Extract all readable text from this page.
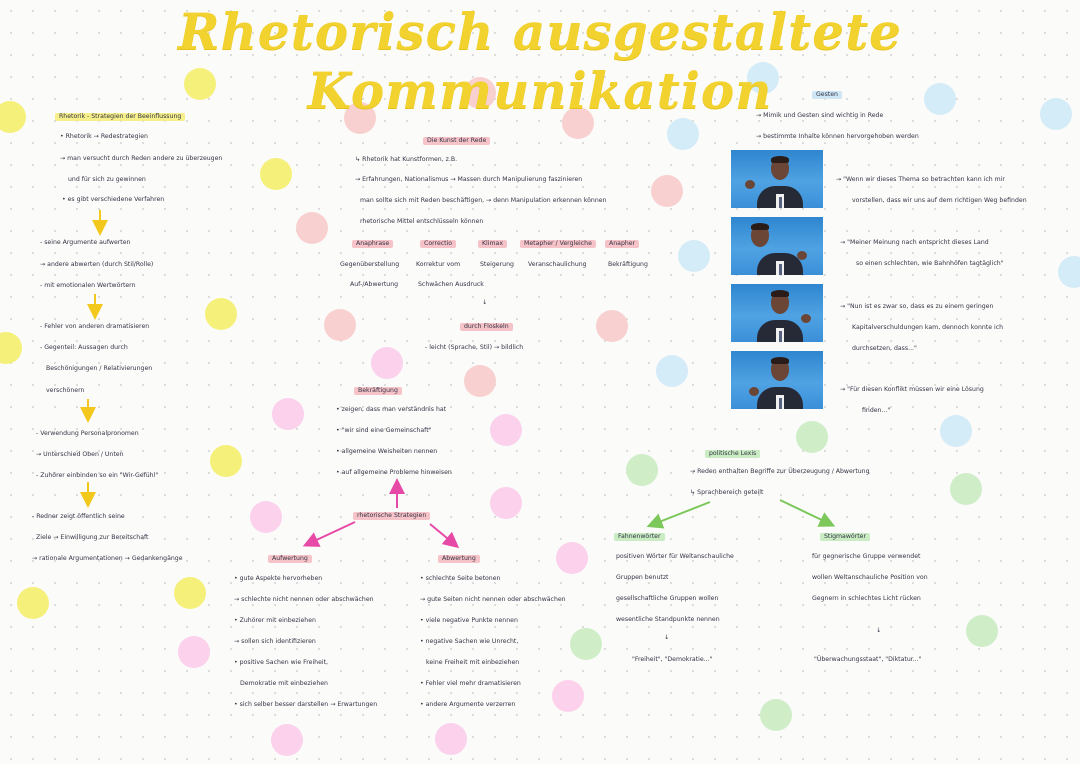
Rhetorisch ausgestaltete Kommunikation
Rhetorik - Strategien der Beeinflussung
• Rhetorik → Redestrategien
→ man versucht durch Reden andere zu überzeugen
und für sich zu gewinnen
• es gibt verschiedene Verfahren
- seine Argumente aufwerten
→ andere abwerten (durch Stil/Rolle)
- mit emotionalen Wertwörtern
- Fehler von anderen dramatisieren
- Gegenteil: Aussagen durch
Beschönigungen / Relativierungen
verschönern
- Verwendung Personalpronomen
→ Unterschied Oben / Unten
- Zuhörer einbinden so ein "Wir-Gefühl"
- Redner zeigt öffentlich seine
Ziele → Einwilligung zur Bereitschaft
→ rationale Argumentationen → Gedankengänge
Die Kunst der Rede
↳ Rhetorik hat Kunstformen, z.B.
→ Erfahrungen, Nationalismus → Massen durch Manipulierung faszinieren
man sollte sich mit Reden beschäftigen, → denn Manipulation erkennen können
rhetorische Mittel entschlüsseln können
Anaphrase
Gegenüberstellung
Correctio
Korrektur vom
Klimax
Steigerung
Metapher / Vergleiche
Veranschaulichung
Anapher
Bekräftigung
Auf-/Abwertung	Schwächen Ausdruck
↓
durch Floskeln
- leicht (Sprache, Stil) → bildlich
Bekräftigung
• zeigen, dass man verständnis hat
• "wir sind eine Gemeinschaft"
• allgemeine Weisheiten nennen
• auf allgemeine Probleme hinweisen
rhetorische Strategien
Aufwertung
• gute Aspekte hervorheben
→ schlechte nicht nennen oder abschwächen
• Zuhörer mit einbeziehen
→ sollen sich identifizieren
• positive Sachen wie Freiheit,
Demokratie mit einbeziehen
• sich selber besser darstellen → Erwartungen
Abwertung
• schlechte Seite betonen
→ gute Seiten nicht nennen oder abschwächen
• viele negative Punkte nennen
• negative Sachen wie Unrecht,
keine Freiheit mit einbeziehen
• Fehler viel mehr dramatisieren
• andere Argumente verzerren
Gesten
→ Mimik und Gesten sind wichtig in Rede
→ bestimmte Inhalte können hervorgehoben werden
→ "Wenn wir dieses Thema so betrachten kann ich mir
vorstellen, dass wir uns auf dem richtigen Weg befinden
→ "Meiner Meinung nach entspricht dieses Land
so einen schlechten, wie Bahnhöfen tagtäglich"
→ "Nun ist es zwar so, dass es zu einem geringen
Kapitalverschuldungen kam, dennoch konnte ich
durchsetzen, dass..."
→ "Für diesen Konflikt müssen wir eine Lösung
finden..."
politische Lexis
→ Reden enthalten Begriffe zur Überzeugung / Abwertung
↳ Sprachbereich geteilt
Fahnenwörter
positiven Wörter für Weltanschauliche
Gruppen benutzt
gesellschaftliche Gruppen wollen
wesentliche Standpunkte nennen
↓
"Freiheit", "Demokratie..."
Stigmawörter
für gegnerische Gruppe verwendet
wollen Weltanschauliche Position von
Gegnern in schlechtes Licht rücken
↓
"Überwachungsstaat", "Diktatur..."
